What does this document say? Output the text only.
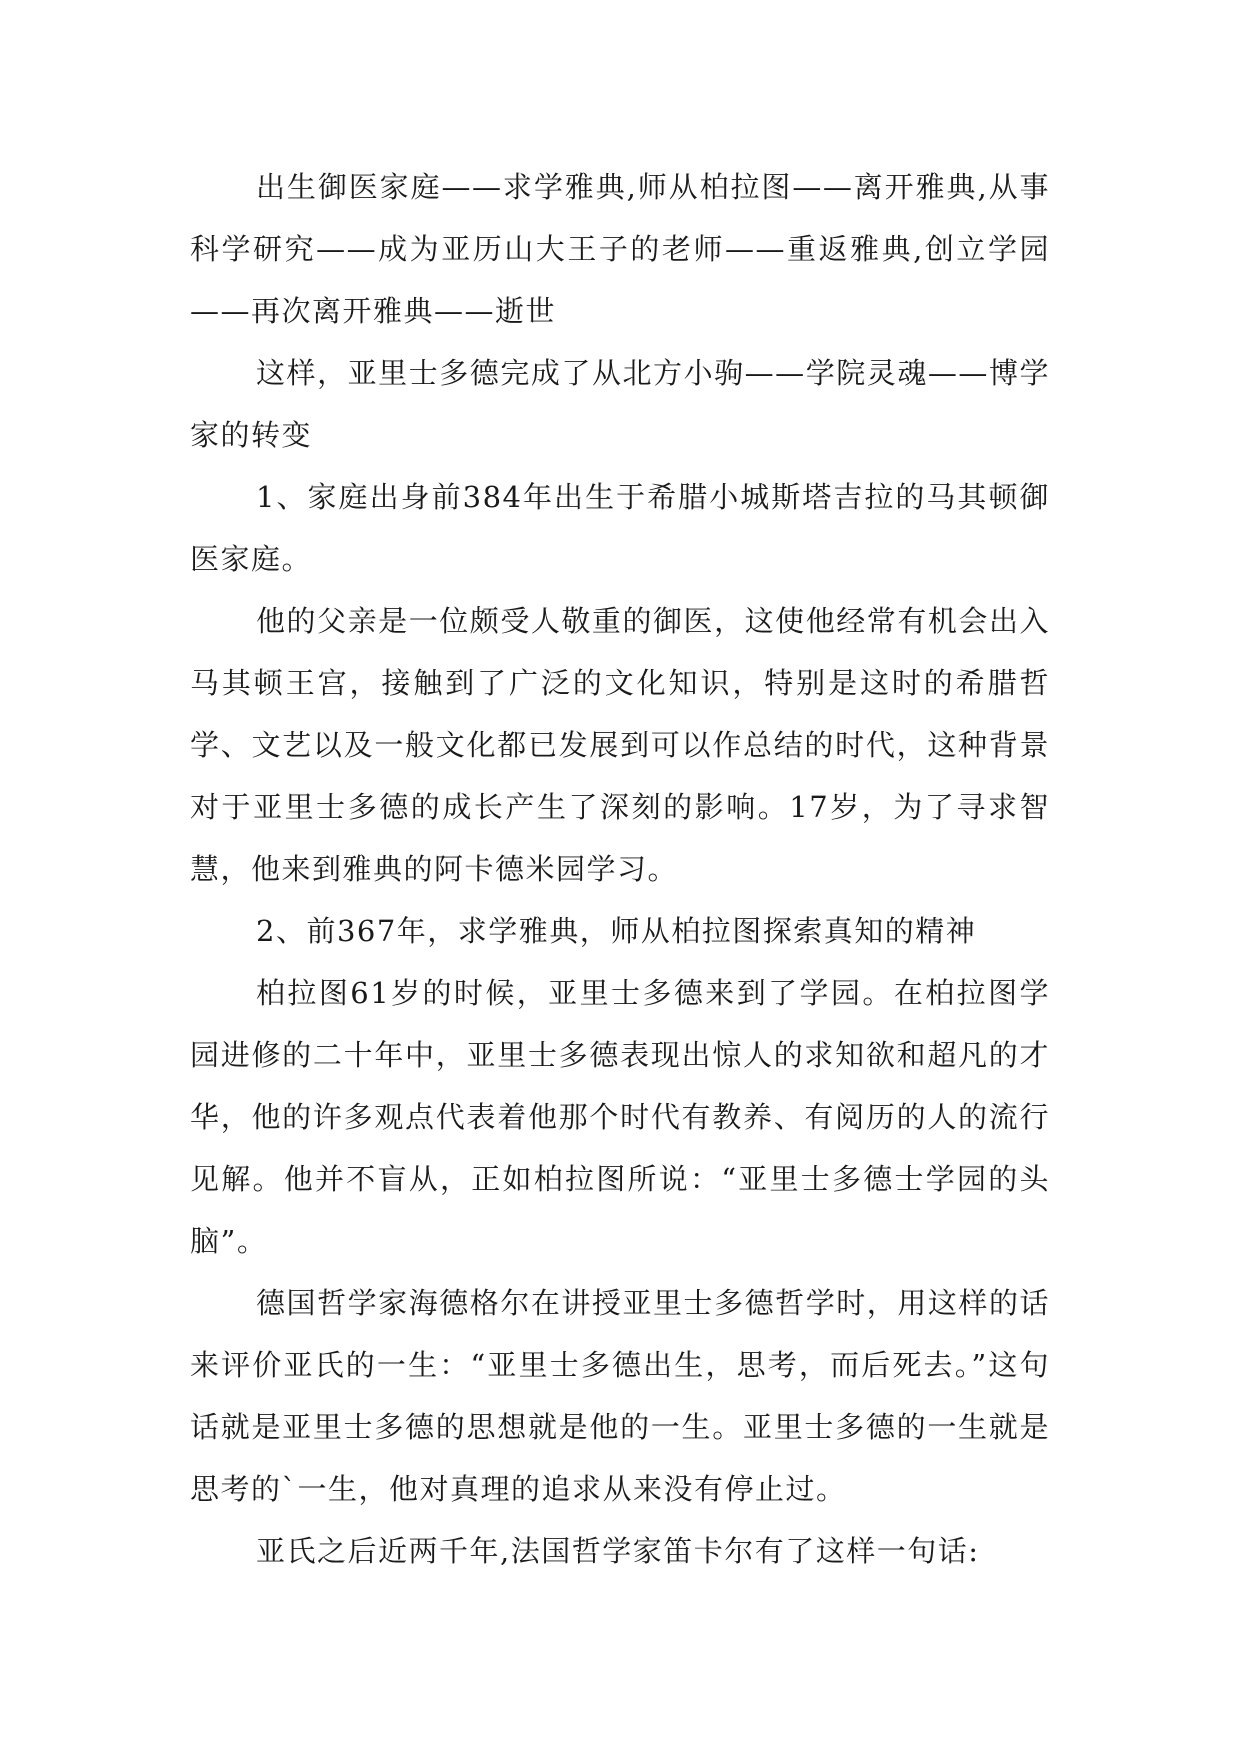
出生御医家庭——求学雅典,师从柏拉图——离开雅典,从事科学研究——成为亚历山大王子的老师——重返雅典,创立学园——再次离开雅典——逝世

这样，亚里士多德完成了从北方小驹——学院灵魂——博学家的转变

1、家庭出身前384年出生于希腊小城斯塔吉拉的马其顿御医家庭。

他的父亲是一位颇受人敬重的御医，这使他经常有机会出入马其顿王宫，接触到了广泛的文化知识，特别是这时的希腊哲学、文艺以及一般文化都已发展到可以作总结的时代，这种背景对于亚里士多德的成长产生了深刻的影响。17岁，为了寻求智慧，他来到雅典的阿卡德米园学习。

2、前367年，求学雅典，师从柏拉图探索真知的精神

柏拉图61岁的时候，亚里士多德来到了学园。在柏拉图学园进修的二十年中，亚里士多德表现出惊人的求知欲和超凡的才华，他的许多观点代表着他那个时代有教养、有阅历的人的流行见解。他并不盲从，正如柏拉图所说：“亚里士多德士学园的头脑”。

德国哲学家海德格尔在讲授亚里士多德哲学时，用这样的话来评价亚氏的一生：“亚里士多德出生，思考，而后死去。”这句话就是亚里士多德的思想就是他的一生。亚里士多德的一生就是思考的`一生，他对真理的追求从来没有停止过。

亚氏之后近两千年,法国哲学家笛卡尔有了这样一句话:
